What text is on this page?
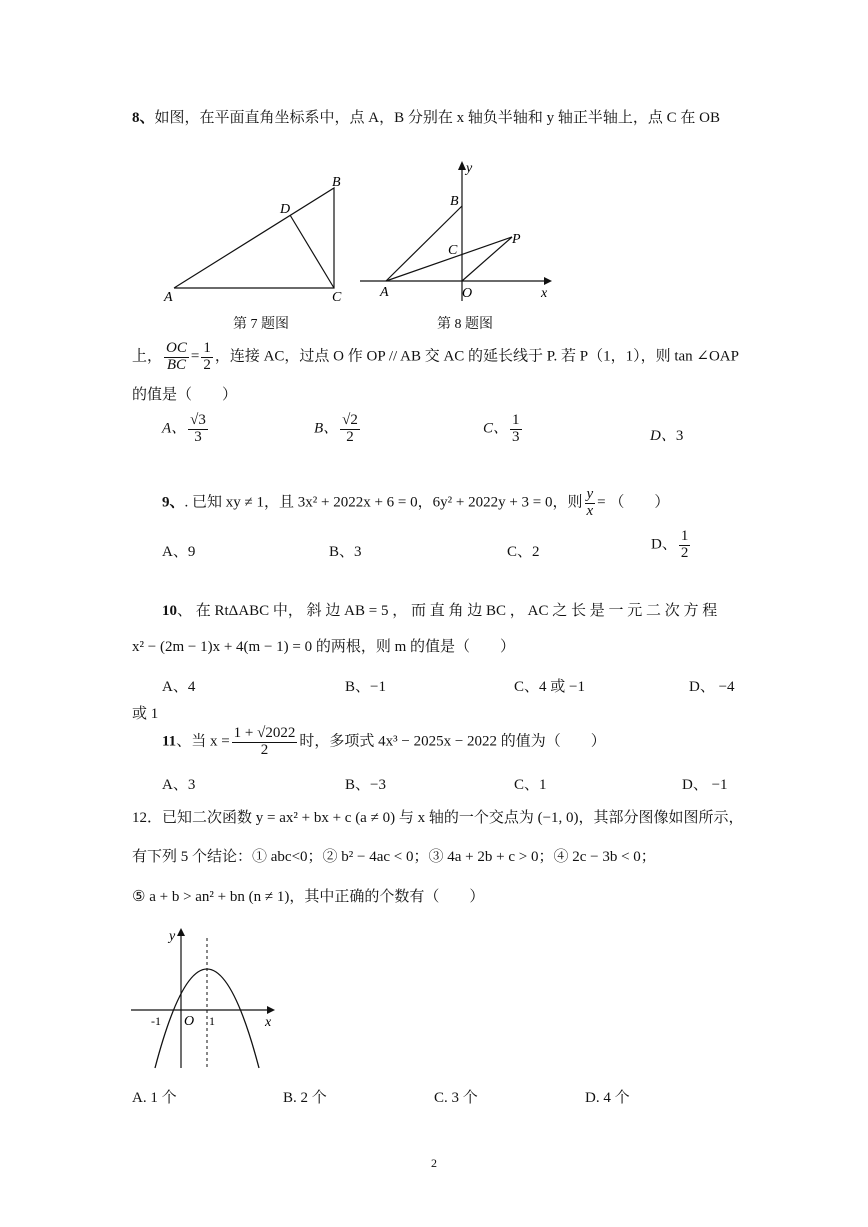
8、如图，在平面直角坐标系中，点 A，B 分别在 x 轴负半轴和 y 轴正半轴上，点 C 在 OB
A
B
C
D
第 7 题图
y
B
C
P
A	O	x
第 8 题图
上， $\frac{OC}{BC} = \frac{1}{2}$ ，连接 AC，过点 O 作 OP // AB 交 AC 的延长线于 P. 若 P（1，1），则 tan ∠OAP
的值是（　　）
A、 $\frac{√3}{3}$	B、 $\frac{√2}{2}$	C、 $\frac{1}{3}$	D、3
9、. 已知 xy ≠ 1，且 3x² + 2022x + 6 = 0，6y² + 2022y + 3 = 0，则 $\frac{y}{x}$ = （　　）
A、9	B、3	C、2	D、 $\frac{1}{2}$
10、 在 RtΔABC 中， 斜 边 AB = 5 ， 而 直 角 边 BC ， AC 之 长 是 一 元 二 次 方 程
x² − (2m − 1)x + 4(m − 1) = 0 的两根，则 m 的值是（　　）
A、4	B、−1	C、4 或 −1	D、 −4
或 1
11、当 $x = \frac{1 + √2022}{2}$ 时，多项式 4x³ − 2025x − 2022 的值为（　　）
A、3	B、−3	C、1	D、 −1
12．已知二次函数 y = ax² + bx + c (a ≠ 0) 与 x 轴的一个交点为 (−1, 0)，其部分图像如图所示，
有下列 5 个结论：① abc<0；② b² − 4ac < 0；③ 4a + 2b + c > 0；④ 2c − 3b < 0；
⑤ a + b > an² + bn (n ≠ 1)，其中正确的个数有（　　）
y
-1 O 1	x
A. 1 个	B. 2 个	C. 3 个	D. 4 个
2
